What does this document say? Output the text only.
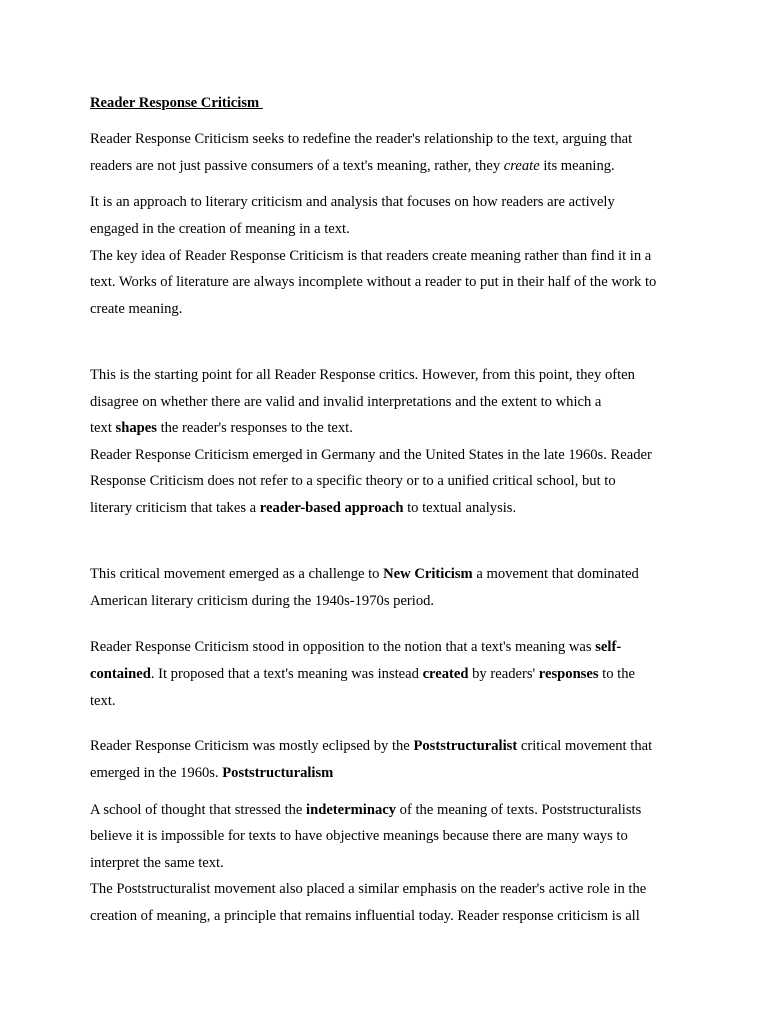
Reader Response Criticism
Reader Response Criticism seeks to redefine the reader's relationship to the text, arguing that
readers are not just passive consumers of a text's meaning, rather, they create its meaning.
It is an approach to literary criticism and analysis that focuses on how readers are actively
engaged in the creation of meaning in a text.
The key idea of Reader Response Criticism is that readers create meaning rather than find it in a
text. Works of literature are always incomplete without a reader to put in their half of the work to
create meaning.
This is the starting point for all Reader Response critics. However, from this point, they often
disagree on whether there are valid and invalid interpretations and the extent to which a
text shapes the reader's responses to the text.
Reader Response Criticism emerged in Germany and the United States in the late 1960s. Reader
Response Criticism does not refer to a specific theory or to a unified critical school, but to
literary criticism that takes a reader-based approach to textual analysis.
This critical movement emerged as a challenge to New Criticism a movement that dominated
American literary criticism during the 1940s-1970s period.
Reader Response Criticism stood in opposition to the notion that a text's meaning was self-
contained. It proposed that a text's meaning was instead created by readers' responses to the
text.
Reader Response Criticism was mostly eclipsed by the Poststructuralist critical movement that
emerged in the 1960s. Poststructuralism
A school of thought that stressed the indeterminacy of the meaning of texts. Poststructuralists
believe it is impossible for texts to have objective meanings because there are many ways to
interpret the same text.
The Poststructuralist movement also placed a similar emphasis on the reader's active role in the
creation of meaning, a principle that remains influential today. Reader response criticism is all
